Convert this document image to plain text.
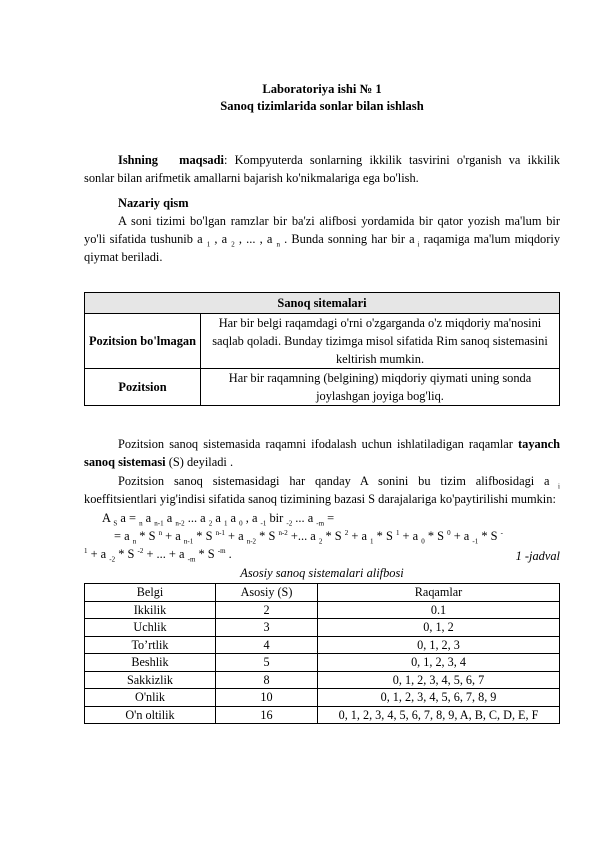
Laboratoriya ishi № 1
Sanoq tizimlarida sonlar bilan ishlash
Ishning maqsadi: Kompyuterda sonlarning ikkilik tasvirini o'rganish va ikkilik sonlar bilan arifmetik amallarni bajarish ko'nikmalariga ega bo'lish.
Nazariy qism
A soni tizimi bo'lgan ramzlar bir ba'zi alifbosi yordamida bir qator yozish ma'lum bir yo'li sifatida tushunib a $_1$ , a $_2$ , ... , a $_n$ . Bunda sonning har bir a $_i$ raqamiga ma'lum miqdoriy qiymat beriladi.
Sanoq sitemalari	
Pozitsion bo'lmagan	Har bir belgi raqamdagi o'rni o'zgarganda o'z miqdoriy ma'nosini saqlab qoladi. Bunday tizimga misol sifatida Rim sanoq sistemasini keltirish mumkin.
Pozitsion	Har bir raqamning (belgining) miqdoriy qiymati uning sonda joylashgan joyiga bog'liq.
Pozitsion sanoq sistemasida raqamni ifodalash uchun ishlatiladigan raqamlar tayanch sanoq sistemasi (S) deyiladi .
Pozitsion sanoq sistemasidagi har qanday A sonini bu tizim alifbosidagi a $_i$ koeffitsientlari yig'indisi sifatida sanoq tizimining bazasi S darajalariga ko'paytirilishi mumkin:
A $_S$ a = $_n$ a $_{n-1}$ a $_{n-2}$ ... a $_2$ a $_1$ a $_0$ , a $_{-1}$ bir $_{-2}$ ... a $_{-m}$ =
= a $_n$ * S $^n$ + a $_{n-1}$ * S $^{n-1}$ + a $_{n-2}$ * S $^{n-2}$ +... a $_2$ * S $^2$ + a $_1$ * S $^1$ + a $_0$ * S $^0$ + a $_{-1}$ * S -
$^1$ + a $_{-2}$ * S $^{-2}$ + ... + a $_{-m}$ * S $^{-m}$ .	1 -jadval
Asosiy sanoq sistemalari alifbosi
Belgi	Asosiy (S)	Raqamlar
Ikkilik	2	0.1
Uchlik	3	0, 1, 2
To’rtlik	4	0, 1, 2, 3
Beshlik	5	0, 1, 2, 3, 4
Sakkizlik	8	0, 1, 2, 3, 4, 5, 6, 7
O'nlik	10	0, 1, 2, 3, 4, 5, 6, 7, 8, 9
O'n oltilik	16	0, 1, 2, 3, 4, 5, 6, 7, 8, 9, A, B, C, D, E, F
